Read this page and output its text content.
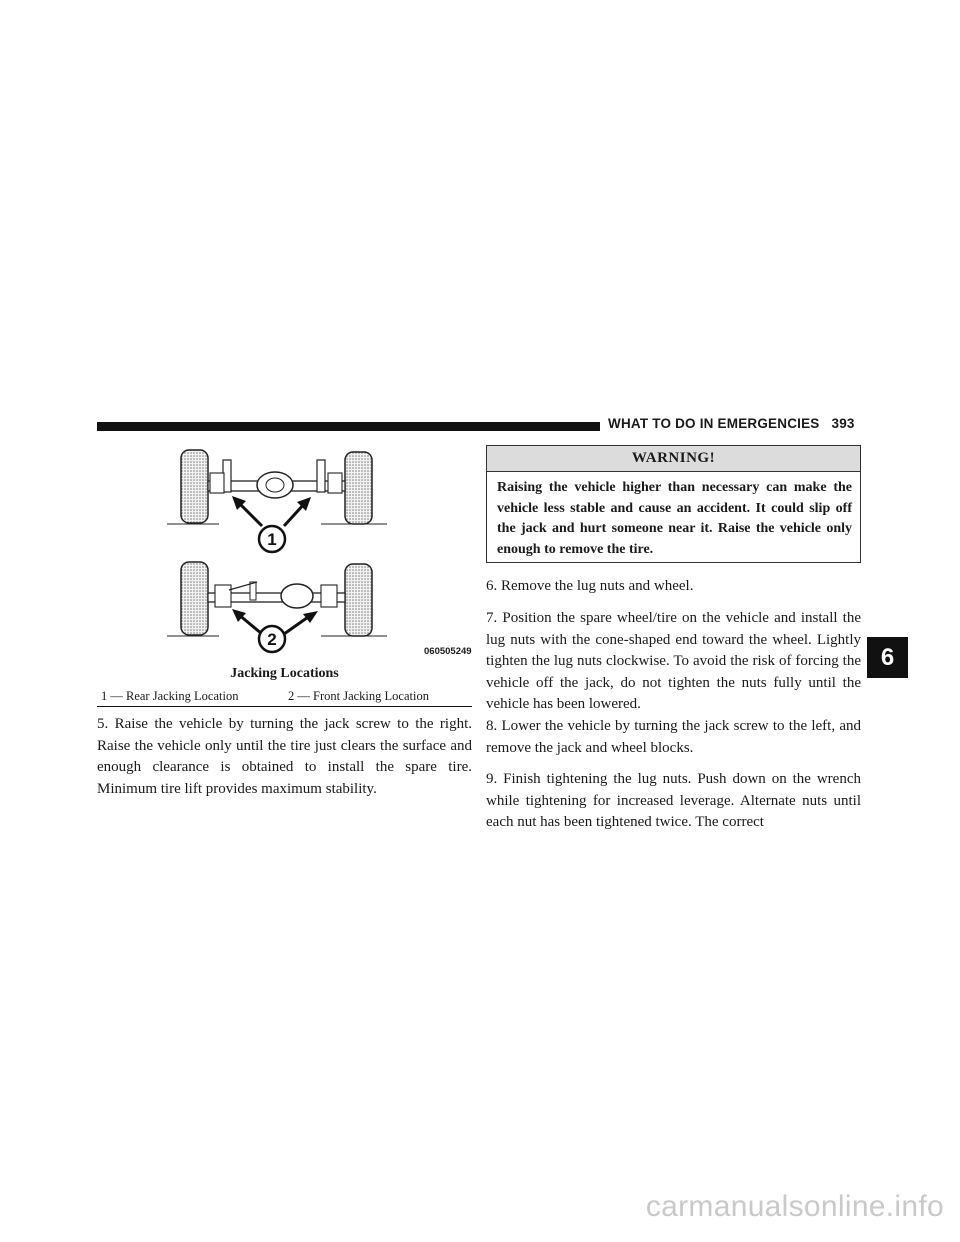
WHAT TO DO IN EMERGENCIES 393
1
2
060505249
Jacking Locations
1 — Rear Jacking Location	2 — Front Jacking Location

5. Raise the vehicle by turning the jack screw to the right. Raise the vehicle only until the tire just clears the surface and enough clearance is obtained to install the spare tire. Minimum tire lift provides maximum stability.

WARNING!
Raising the vehicle higher than necessary can make the vehicle less stable and cause an accident. It could slip off the jack and hurt someone near it. Raise the vehicle only enough to remove the tire.

6. Remove the lug nuts and wheel.

7. Position the spare wheel/tire on the vehicle and install the lug nuts with the cone-shaped end toward the wheel. Lightly tighten the lug nuts clockwise. To avoid the risk of forcing the vehicle off the jack, do not tighten the nuts fully until the vehicle has been lowered.

8. Lower the vehicle by turning the jack screw to the left, and remove the jack and wheel blocks.

9. Finish tightening the lug nuts. Push down on the wrench while tightening for increased leverage. Alternate nuts until each nut has been tightened twice. The correct

6
carmanualsonline.info
